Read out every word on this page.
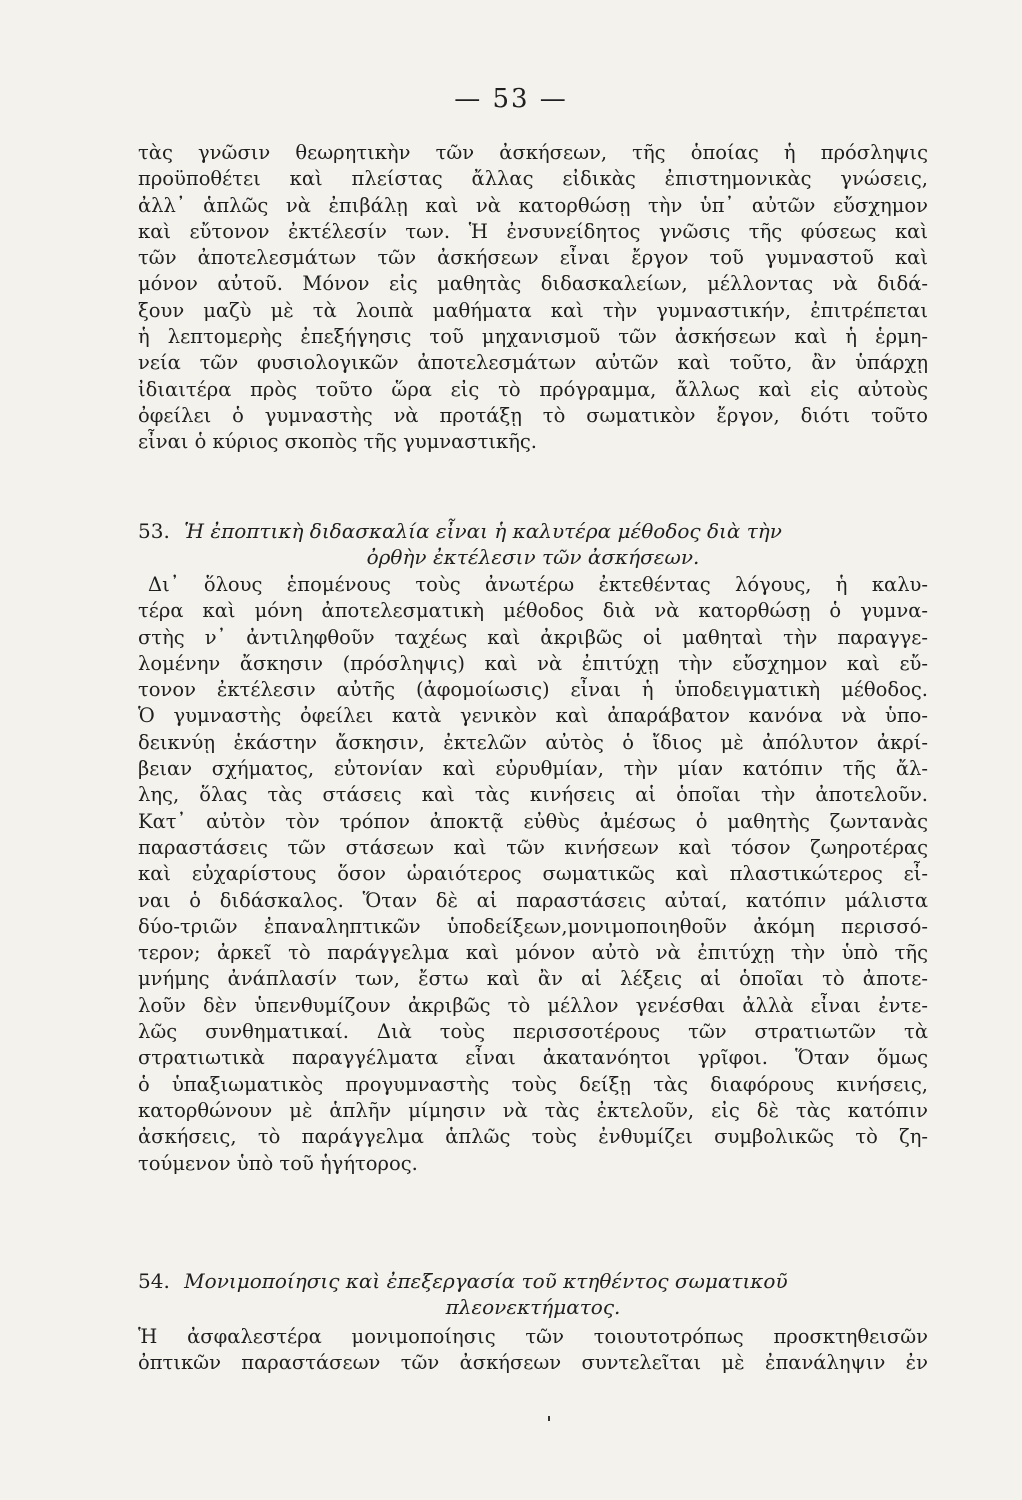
— 53 —
τὰς γνῶσιν θεωρητικὴν τῶν ἀσκήσεων, τῆς ὁποίας ἡ πρόσληψις
προϋποθέτει καὶ πλείστας ἄλλας εἰδικὰς ἐπιστημονικὰς γνώσεις,
ἀλλ᾽ ἁπλῶς νὰ ἐπιβάλῃ καὶ νὰ κατορθώσῃ τὴν ὑπ᾽ αὐτῶν εὔσχημον
καὶ εὔτονον ἐκτέλεσίν των. Ἡ ἐνσυνείδητος γνῶσις τῆς φύσεως καὶ
τῶν ἀποτελεσμάτων τῶν ἀσκήσεων εἶναι ἔργον τοῦ γυμναστοῦ καὶ
μόνον αὐτοῦ. Μόνον εἰς μαθητὰς διδασκαλείων, μέλλοντας νὰ διδά-
ξουν μαζὺ μὲ τὰ λοιπὰ μαθήματα καὶ τὴν γυμναστικήν, ἐπιτρέπεται
ἡ λεπτομερὴς ἐπεξήγησις τοῦ μηχανισμοῦ τῶν ἀσκήσεων καὶ ἡ ἑρμη-
νεία τῶν φυσιολογικῶν ἀποτελεσμάτων αὐτῶν καὶ τοῦτο, ἂν ὑπάρχῃ
ἰδιαιτέρα πρὸς τοῦτο ὥρα εἰς τὸ πρόγραμμα, ἄλλως καὶ εἰς αὐτοὺς
ὀφείλει ὁ γυμναστὴς νὰ προτάξῃ τὸ σωματικὸν ἔργον, διότι τοῦτο
εἶναι ὁ κύριος σκοπὸς τῆς γυμναστικῆς.
53. Ἡ ἐποπτικὴ διδασκαλία εἶναι ἡ καλυτέρα μέθοδος διὰ τὴν
ὀρθὴν ἐκτέλεσιν τῶν ἀσκήσεων.
Δι᾽ ὅλους ἑπομένους τοὺς ἀνωτέρω ἐκτεθέντας λόγους, ἡ καλυ-
τέρα καὶ μόνη ἀποτελεσματικὴ μέθοδος διὰ νὰ κατορθώσῃ ὁ γυμνα-
στὴς ν᾽ ἀντιληφθοῦν ταχέως καὶ ἀκριβῶς οἱ μαθηταὶ τὴν παραγγε-
λομένην ἄσκησιν (πρόσληψις) καὶ νὰ ἐπιτύχῃ τὴν εὔσχημον καὶ εὔ-
τονον ἐκτέλεσιν αὐτῆς (ἀφομοίωσις) εἶναι ἡ ὑποδειγματικὴ μέθοδος.
Ὁ γυμναστὴς ὀφείλει κατὰ γενικὸν καὶ ἀπαράβατον κανόνα νὰ ὑπο-
δεικνύῃ ἑκάστην ἄσκησιν, ἐκτελῶν αὐτὸς ὁ ἴδιος μὲ ἀπόλυτον ἀκρί-
βειαν σχήματος, εὐτονίαν καὶ εὐρυθμίαν, τὴν μίαν κατόπιν τῆς ἄλ-
λης, ὅλας τὰς στάσεις καὶ τὰς κινήσεις αἱ ὁποῖαι τὴν ἀποτελοῦν.
Κατ᾽ αὐτὸν τὸν τρόπον ἀποκτᾷ εὐθὺς ἀμέσως ὁ μαθητὴς ζωντανὰς
παραστάσεις τῶν στάσεων καὶ τῶν κινήσεων καὶ τόσον ζωηροτέρας
καὶ εὐχαρίστους ὅσον ὡραιότερος σωματικῶς καὶ πλαστικώτερος εἶ-
ναι ὁ διδάσκαλος. Ὅταν δὲ αἱ παραστάσεις αὐταί, κατόπιν μάλιστα
δύο-τριῶν ἐπαναληπτικῶν ὑποδείξεων,μονιμοποιηθοῦν ἀκόμη περισσό-
τερον; ἀρκεῖ τὸ παράγγελμα καὶ μόνον αὐτὸ νὰ ἐπιτύχῃ τὴν ὑπὸ τῆς
μνήμης ἀνάπλασίν των, ἔστω καὶ ἂν αἱ λέξεις αἱ ὁποῖαι τὸ ἀποτε-
λοῦν δὲν ὑπενθυμίζουν ἀκριβῶς τὸ μέλλον γενέσθαι ἀλλὰ εἶναι ἐντε-
λῶς συνθηματικαί. Διὰ τοὺς περισσοτέρους τῶν στρατιωτῶν τὰ
στρατιωτικὰ παραγγέλματα εἶναι ἀκατανόητοι γρῖφοι. Ὅταν ὅμως
ὁ ὑπαξιωματικὸς προγυμναστὴς τοὺς δείξῃ τὰς διαφόρους κινήσεις,
κατορθώνουν μὲ ἁπλῆν μίμησιν νὰ τὰς ἐκτελοῦν, εἰς δὲ τὰς κατόπιν
ἀσκήσεις, τὸ παράγγελμα ἁπλῶς τοὺς ἐνθυμίζει συμβολικῶς τὸ ζη-
τούμενον ὑπὸ τοῦ ἡγήτορος.
54. Μονιμοποίησις καὶ ἐπεξεργασία τοῦ κτηθέντος σωματικοῦ
πλεονεκτήματος.
Ἡ ἀσφαλεστέρα μονιμοποίησις τῶν τοιουτοτρόπως προσκτηθεισῶν
ὀπτικῶν παραστάσεων τῶν ἀσκήσεων συντελεῖται μὲ ἐπανάληψιν ἐν
